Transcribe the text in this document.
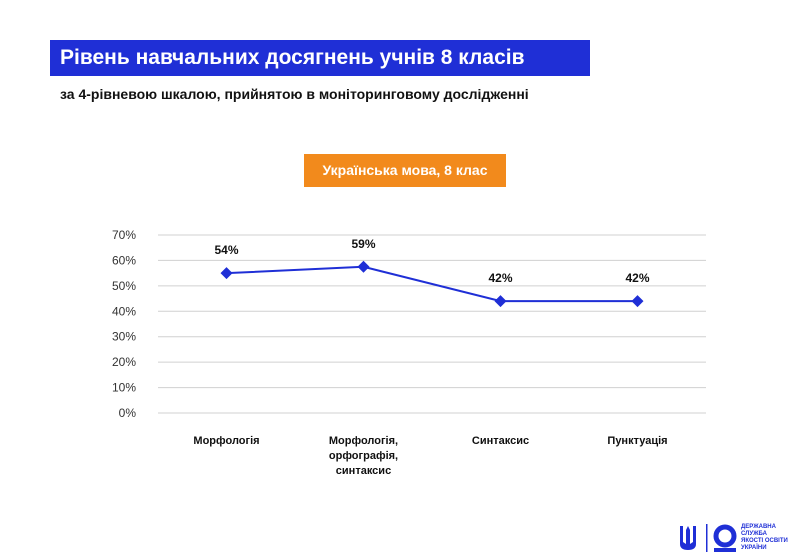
Рівень навчальних досягнень учнів 8 класів
за 4-рівневою шкалою, прийнятою в моніторинговому дослідженні
Українська мова, 8 клас
0%
10%
20%
30%
40%
50%
60%
70%
54%	59%
42%	42%
Морфологія	Морфологія, орфографія, синтаксис
Синтаксис	Пунктуація
ДЕРЖАВНА
СЛУЖБА
ЯКОСТІ ОСВІТИ
УКРАЇНИ
